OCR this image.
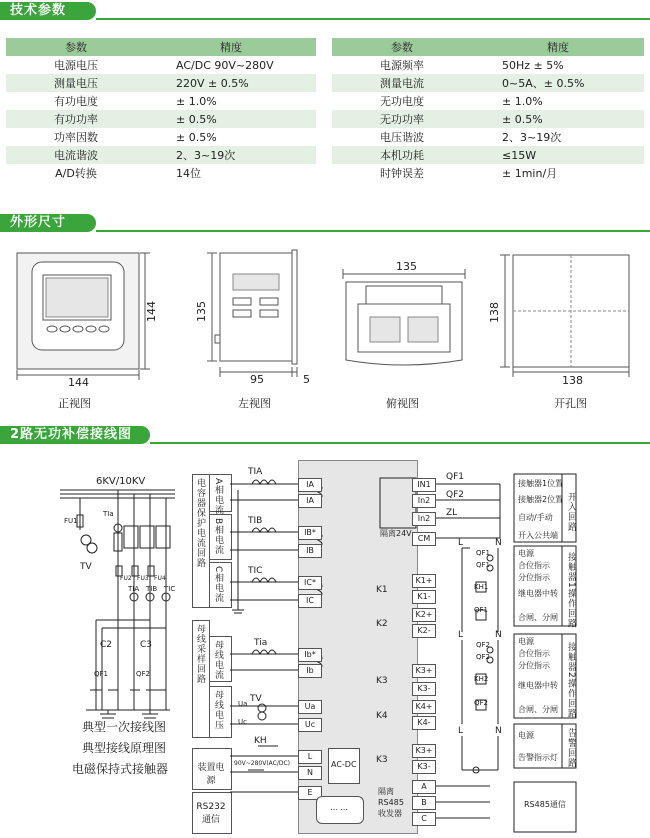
技术参数
参数	精度
电源电压	AC/DC 90V~280V
测量电压	220V ± 0.5%
有功电度	± 1.0%
有功功率	± 0.5%
功率因数	± 0.5%
电流谐波	2、3~19次
A/D转换	14位
参数	精度
电源频率	50Hz ± 5%
测量电流	0~5A、± 0.5%
无功电度	± 1.0%
无功功率	± 0.5%
电压谐波	2、3~19次
本机功耗	≤15W
时钟误差	± 1min/月
外形尺寸
144
144
正视图
135
95	5
左视图
135
俯视图
138
138
开孔图
2路无功补偿接线图
6KV/10KV
FU1
TIa
TV
FU2 FU3 FU4
TIA TIB TIC
C2	C3
QF1	QF2
典型一次接线图
典型接线原理图
电磁保持式接触器
A相电流
B相电流
C相电流
电容器保护电流回路
母线电流
母线电压
母线采样回路
装置电源
RS232通信
TIA
TIB
TIC
Tia
TV
Ua
Uc
KH
90V~280V(AC/DC)
IA
IA
IB*
IB
IC*
IC
Ib*
Ib
Ua
Uc
L
N
E
AC-DC
⋯⋯
IN1
In2
In2
CM
K1+
K1-
K2+
K2-
K3+
K3-
K4+
K4-
K3+
K3-
A
B
C
QF1
QF2
ZL
隔离24V
K1
K2
K3
K4
K3
L	N
L	N
L	N
QF1
QF1
KH1
QF1
QF2
QF2
KH2
QF2
隔离RS485收发器
接触器1位置
接触器2位置
自动/手动
开入公共端
电源
合位指示
分位指示
继电器中转
合闸、分闸
电源
合位指示
分位指示
继电器中转
合闸、分闸
电源
告警指示灯
开入回路
接触器1操作回路
接触器2操作回路
告警回路
RS485通信
